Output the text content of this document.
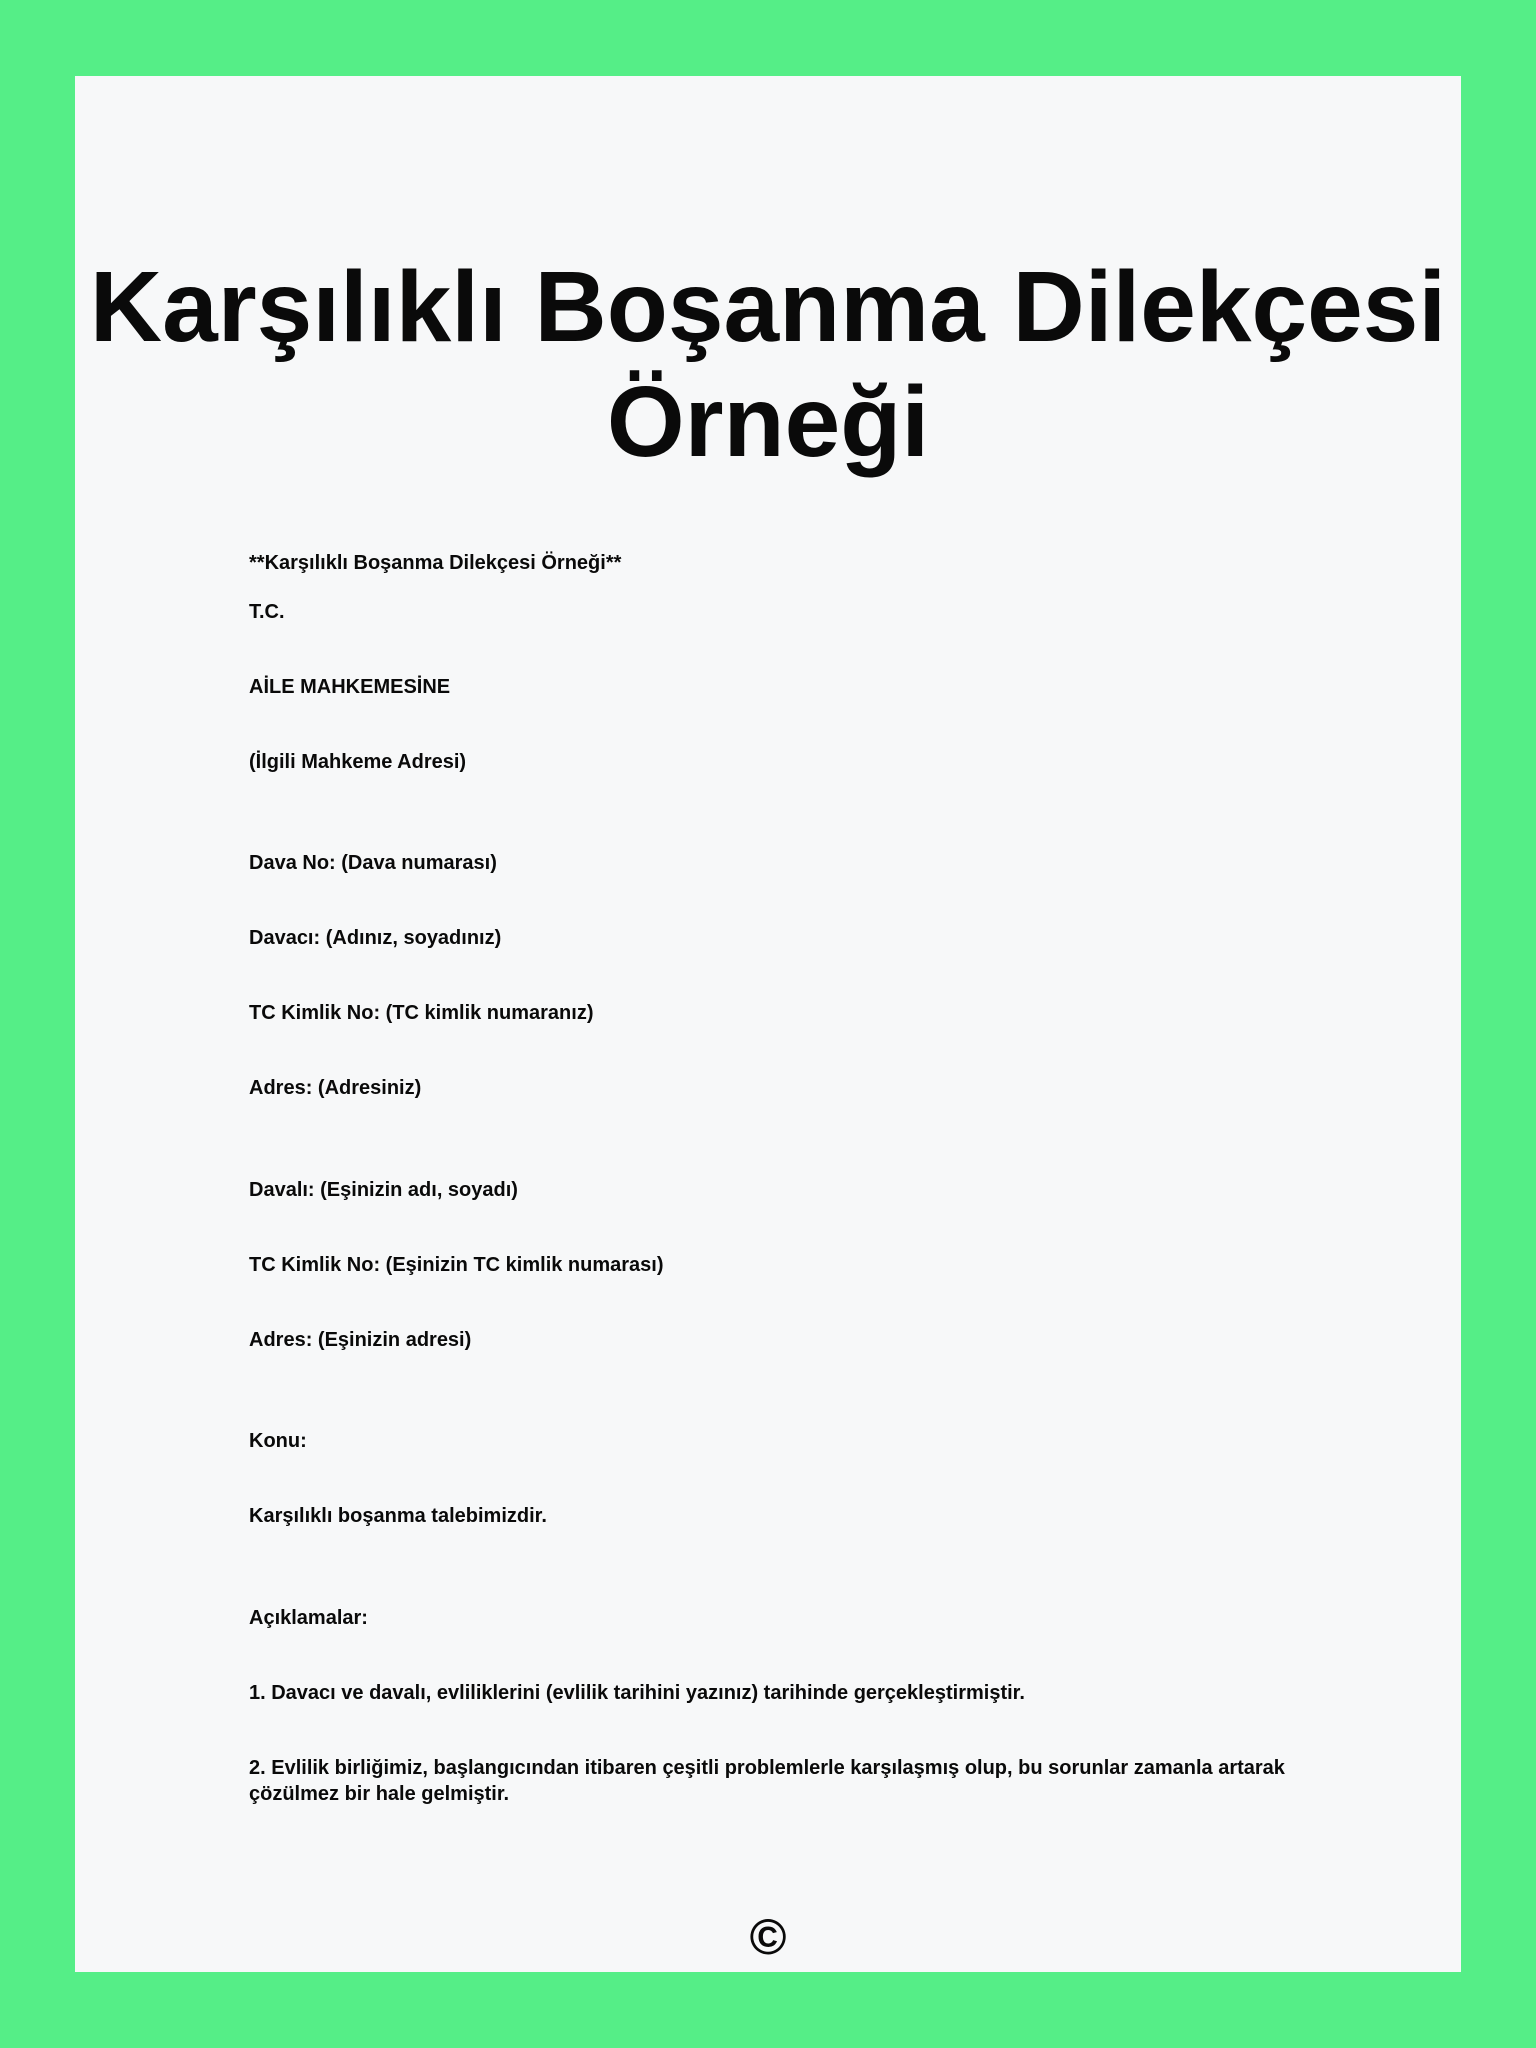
Karşılıklı Boşanma Dilekçesi Örneği

**Karşılıklı Boşanma Dilekçesi Örneği**

T.C.

AİLE MAHKEMESİNE

(İlgili Mahkeme Adresi)

Dava No: (Dava numarası)

Davacı: (Adınız, soyadınız)

TC Kimlik No: (TC kimlik numaranız)

Adres: (Adresiniz)

Davalı: (Eşinizin adı, soyadı)

TC Kimlik No: (Eşinizin TC kimlik numarası)

Adres: (Eşinizin adresi)

Konu:

Karşılıklı boşanma talebimizdir.

Açıklamalar:

1. Davacı ve davalı, evliliklerini (evlilik tarihini yazınız) tarihinde gerçekleştirmiştir.

2. Evlilik birliğimiz, başlangıcından itibaren çeşitli problemlerle karşılaşmış olup, bu sorunlar zamanla artarak çözülmez bir hale gelmiştir.

©
